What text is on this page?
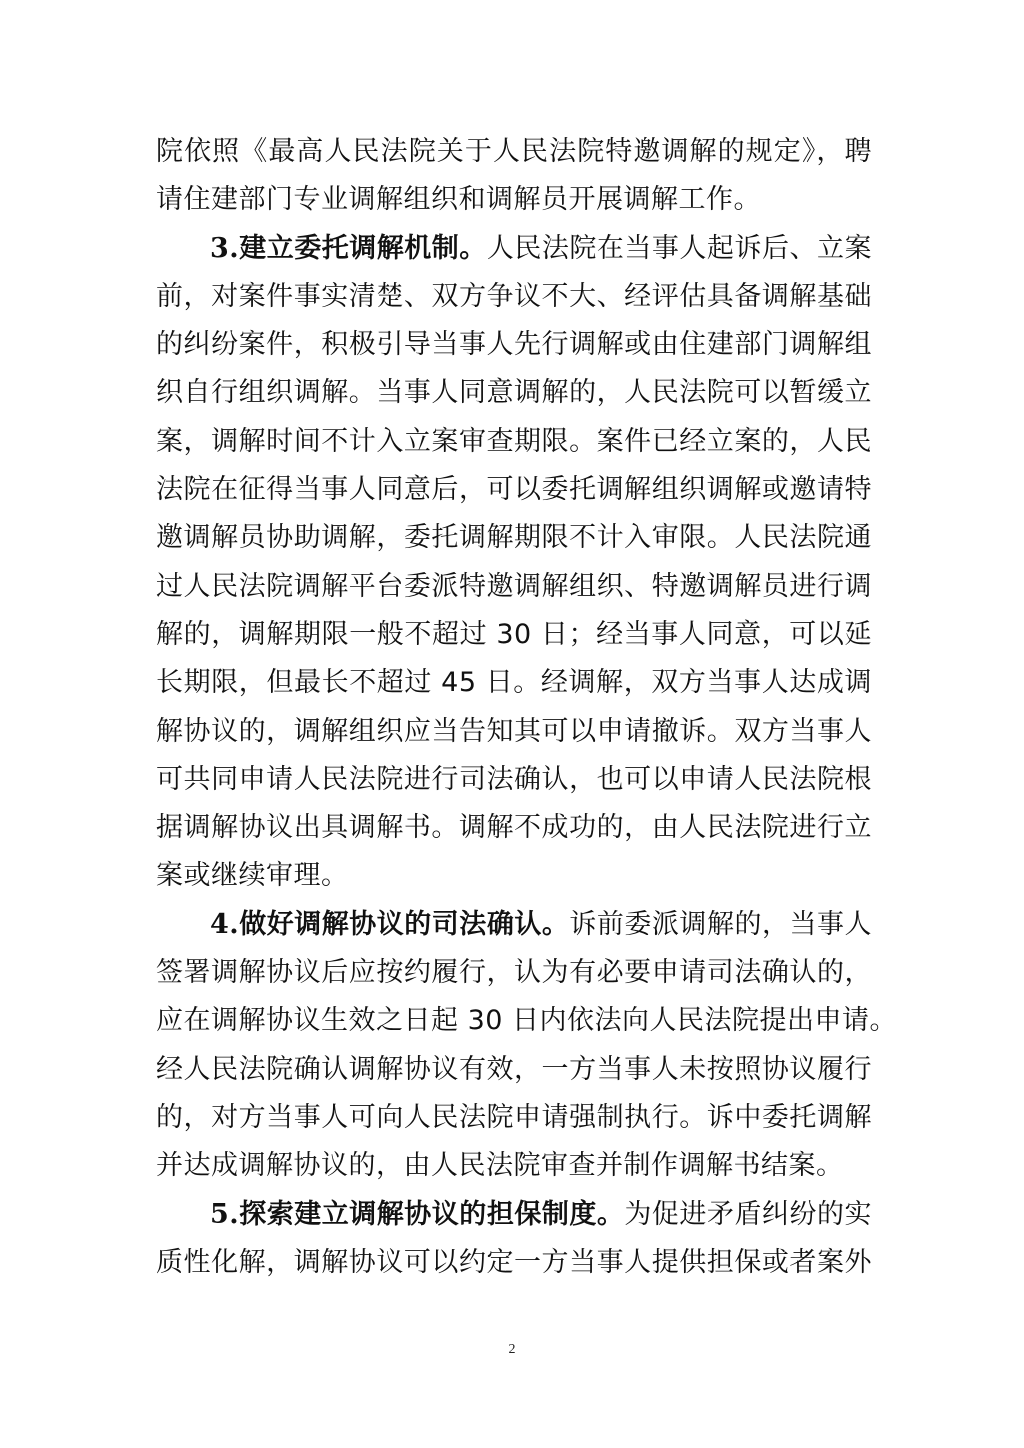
院依照《最高人民法院关于人民法院特邀调解的规定》，聘
请住建部门专业调解组织和调解员开展调解工作。
3.建立委托调解机制。人民法院在当事人起诉后、立案
前，对案件事实清楚、双方争议不大、经评估具备调解基础
的纠纷案件，积极引导当事人先行调解或由住建部门调解组
织自行组织调解。当事人同意调解的，人民法院可以暂缓立
案，调解时间不计入立案审查期限。案件已经立案的，人民
法院在征得当事人同意后，可以委托调解组织调解或邀请特
邀调解员协助调解，委托调解期限不计入审限。人民法院通
过人民法院调解平台委派特邀调解组织、特邀调解员进行调
解的，调解期限一般不超过 30 日；经当事人同意，可以延
长期限，但最长不超过 45 日。经调解，双方当事人达成调
解协议的，调解组织应当告知其可以申请撤诉。双方当事人
可共同申请人民法院进行司法确认，也可以申请人民法院根
据调解协议出具调解书。调解不成功的，由人民法院进行立
案或继续审理。
4.做好调解协议的司法确认。诉前委派调解的，当事人
签署调解协议后应按约履行，认为有必要申请司法确认的，
应在调解协议生效之日起 30 日内依法向人民法院提出申请。
经人民法院确认调解协议有效，一方当事人未按照协议履行
的，对方当事人可向人民法院申请强制执行。诉中委托调解
并达成调解协议的，由人民法院审查并制作调解书结案。
5.探索建立调解协议的担保制度。为促进矛盾纠纷的实
质性化解，调解协议可以约定一方当事人提供担保或者案外
2
